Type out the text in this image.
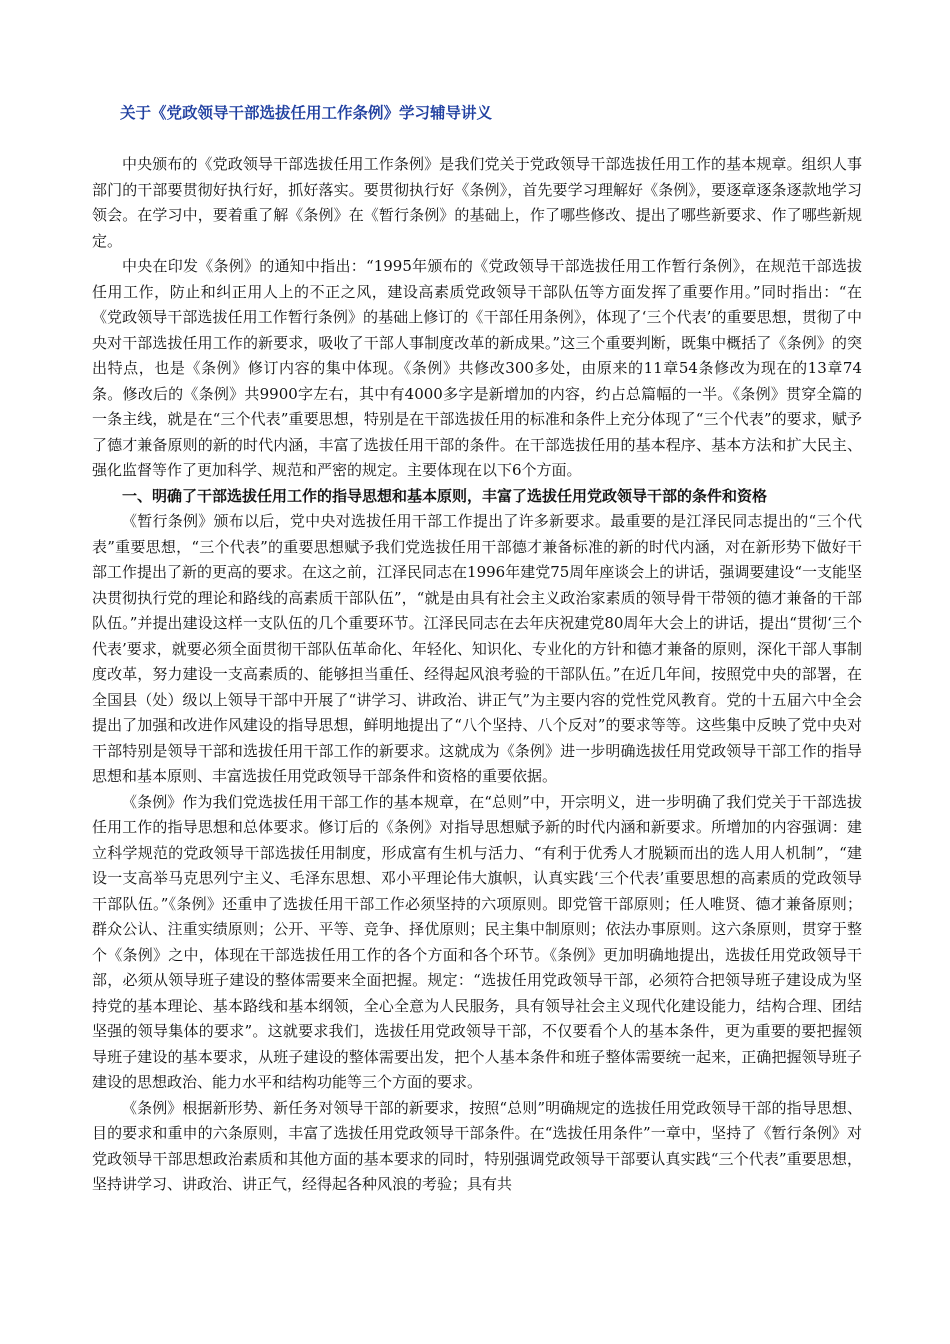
关于《党政领导干部选拔任用工作条例》学习辅导讲义

中央颁布的《党政领导干部选拔任用工作条例》是我们党关于党政领导干部选拔任用工作的基本规章。组织人事部门的干部要贯彻好执行好，抓好落实。要贯彻执行好《条例》，首先要学习理解好《条例》，要逐章逐条逐款地学习领会。在学习中，要着重了解《条例》在《暂行条例》的基础上，作了哪些修改、提出了哪些新要求、作了哪些新规定。

中央在印发《条例》的通知中指出：“1995年颁布的《党政领导干部选拔任用工作暂行条例》，在规范干部选拔任用工作，防止和纠正用人上的不正之风，建设高素质党政领导干部队伍等方面发挥了重要作用。”同时指出：“在《党政领导干部选拔任用工作暂行条例》的基础上修订的《干部任用条例》，体现了‘三个代表’的重要思想，贯彻了中央对干部选拔任用工作的新要求，吸收了干部人事制度改革的新成果。”这三个重要判断，既集中概括了《条例》的突出特点，也是《条例》修订内容的集中体现。《条例》共修改300多处，由原来的11章54条修改为现在的13章74条。修改后的《条例》共9900字左右，其中有4000多字是新增加的内容，约占总篇幅的一半。《条例》贯穿全篇的一条主线，就是在“三个代表”重要思想，特别是在干部选拔任用的标准和条件上充分体现了“三个代表”的要求，赋予了德才兼备原则的新的时代内涵，丰富了选拔任用干部的条件。在干部选拔任用的基本程序、基本方法和扩大民主、强化监督等作了更加科学、规范和严密的规定。主要体现在以下6个方面。

一、明确了干部选拔任用工作的指导思想和基本原则，丰富了选拔任用党政领导干部的条件和资格

《暂行条例》颁布以后，党中央对选拔任用干部工作提出了许多新要求。最重要的是江泽民同志提出的“三个代表”重要思想，“三个代表”的重要思想赋予我们党选拔任用干部德才兼备标准的新的时代内涵，对在新形势下做好干部工作提出了新的更高的要求。在这之前，江泽民同志在1996年建党75周年座谈会上的讲话，强调要建设“一支能坚决贯彻执行党的理论和路线的高素质干部队伍”，“就是由具有社会主义政治家素质的领导骨干带领的德才兼备的干部队伍。”并提出建设这样一支队伍的几个重要环节。江泽民同志在去年庆祝建党80周年大会上的讲话，提出“贯彻‘三个代表’要求，就要必须全面贯彻干部队伍革命化、年轻化、知识化、专业化的方针和德才兼备的原则，深化干部人事制度改革，努力建设一支高素质的、能够担当重任、经得起风浪考验的干部队伍。”在近几年间，按照党中央的部署，在全国县（处）级以上领导干部中开展了“讲学习、讲政治、讲正气”为主要内容的党性党风教育。党的十五届六中全会提出了加强和改进作风建设的指导思想，鲜明地提出了“八个坚持、八个反对”的要求等等。这些集中反映了党中央对干部特别是领导干部和选拔任用干部工作的新要求。这就成为《条例》进一步明确选拔任用党政领导干部工作的指导思想和基本原则、丰富选拔任用党政领导干部条件和资格的重要依据。

《条例》作为我们党选拔任用干部工作的基本规章，在“总则”中，开宗明义，进一步明确了我们党关于干部选拔任用工作的指导思想和总体要求。修订后的《条例》对指导思想赋予新的时代内涵和新要求。所增加的内容强调：建立科学规范的党政领导干部选拔任用制度，形成富有生机与活力、“有利于优秀人才脱颖而出的选人用人机制”，“建设一支高举马克思列宁主义、毛泽东思想、邓小平理论伟大旗帜，认真实践‘三个代表’重要思想的高素质的党政领导干部队伍。”《条例》还重申了选拔任用干部工作必须坚持的六项原则。即党管干部原则；任人唯贤、德才兼备原则；群众公认、注重实绩原则；公开、平等、竞争、择优原则；民主集中制原则；依法办事原则。这六条原则，贯穿于整个《条例》之中，体现在干部选拔任用工作的各个方面和各个环节。《条例》更加明确地提出，选拔任用党政领导干部，必须从领导班子建设的整体需要来全面把握。规定：“选拔任用党政领导干部，必须符合把领导班子建设成为坚持党的基本理论、基本路线和基本纲领，全心全意为人民服务，具有领导社会主义现代化建设能力，结构合理、团结坚强的领导集体的要求”。这就要求我们，选拔任用党政领导干部，不仅要看个人的基本条件，更为重要的要把握领导班子建设的基本要求，从班子建设的整体需要出发，把个人基本条件和班子整体需要统一起来，正确把握领导班子建设的思想政治、能力水平和结构功能等三个方面的要求。

《条例》根据新形势、新任务对领导干部的新要求，按照“总则”明确规定的选拔任用党政领导干部的指导思想、目的要求和重申的六条原则，丰富了选拔任用党政领导干部条件。在“选拔任用条件”一章中，坚持了《暂行条例》对党政领导干部思想政治素质和其他方面的基本要求的同时，特别强调党政领导干部要认真实践“三个代表”重要思想，坚持讲学习、讲政治、讲正气，经得起各种风浪的考验；具有共
